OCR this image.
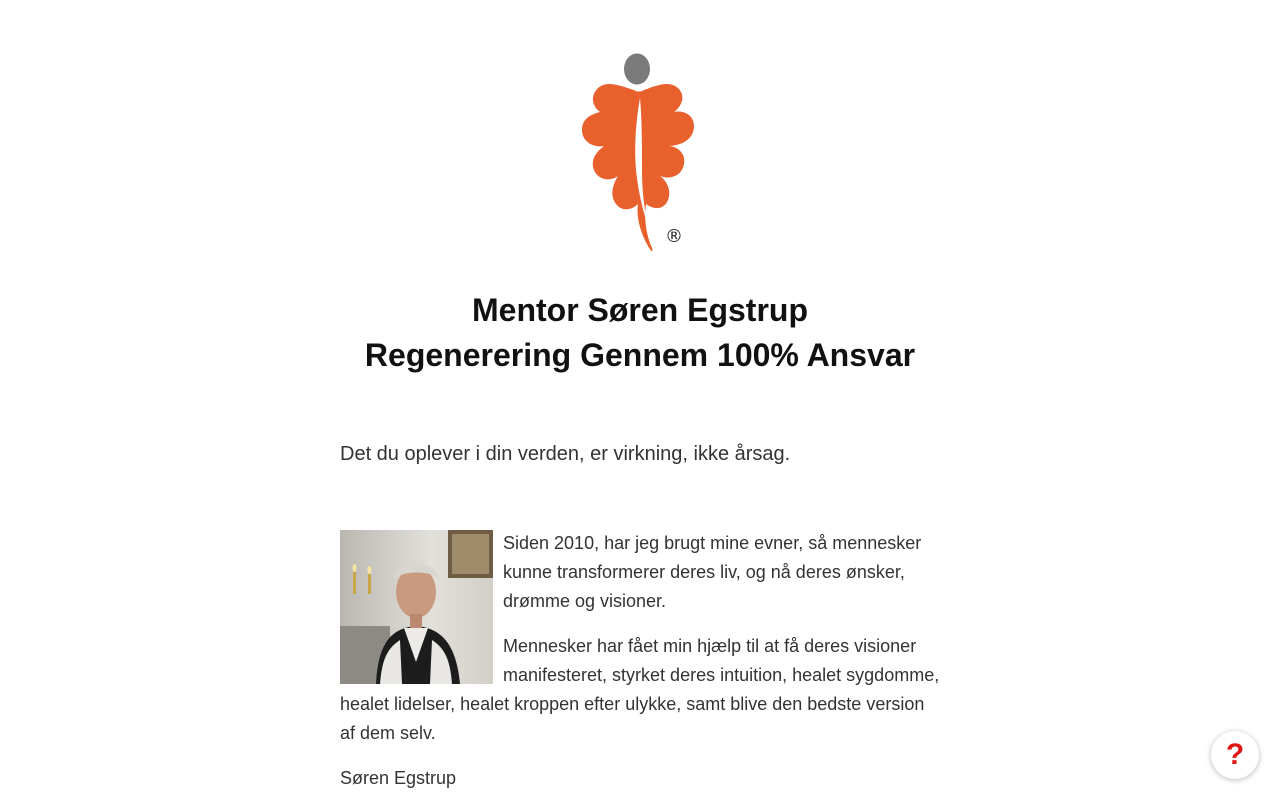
®
Mentor Søren Egstrup
Regenerering Gennem 100% Ansvar

Det du oplever i din verden, er virkning, ikke årsag.

Siden 2010, har jeg brugt mine evner, så mennesker kunne transformerer deres liv, og nå deres ønsker, drømme og visioner.

Mennesker har fået min hjælp til at få deres visioner manifesteret, styrket deres intuition, healet sygdomme, healet lidelser, healet kroppen efter ulykke, samt blive den bedste version af dem selv.

Søren Egstrup

?
